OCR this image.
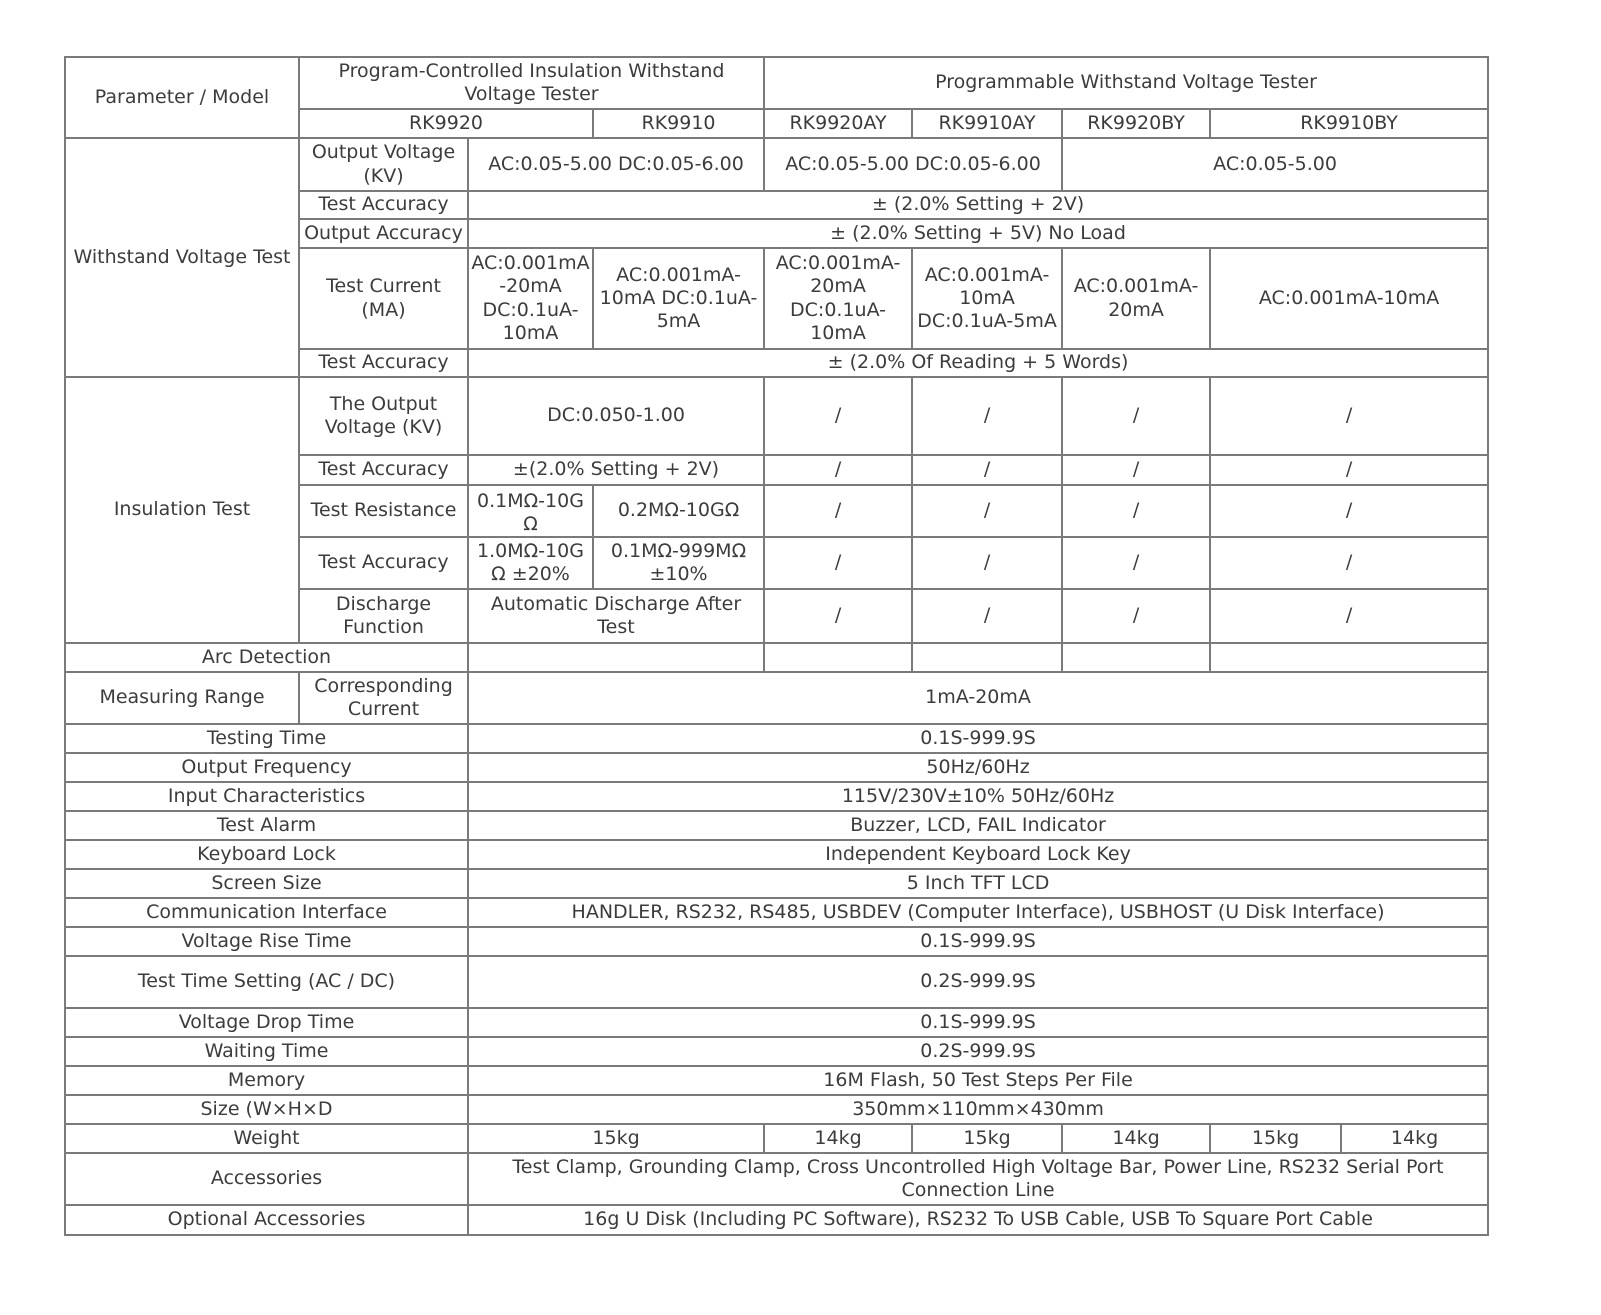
Parameter / Model	Program-Controlled Insulation Withstand Voltage Tester			Programmable Withstand Voltage Tester				
	RK9920		RK9910	RK9920AY	RK9910AY	RK9920BY	RK9910BY	
Withstand Voltage Test	Output Voltage (KV)	AC:0.05-5.00 DC:0.05-6.00		AC:0.05-5.00 DC:0.05-6.00		AC:0.05-5.00		
	Test Accuracy	± (2.0% Setting + 2V)						
	Output Accuracy	± (2.0% Setting + 5V) No Load						
	Test Current (MA)	AC:0.001mA-20mA DC:0.1uA-10mA	AC:0.001mA-10mA DC:0.1uA-5mA	AC:0.001mA-20mA DC:0.1uA-10mA	AC:0.001mA-10mA DC:0.1uA-5mA	AC:0.001mA-20mA	AC:0.001mA-10mA	
	Test Accuracy	± (2.0% Of Reading + 5 Words)						
Insulation Test	The Output Voltage (KV)	DC:0.050-1.00		/	/	/	/	
	Test Accuracy	±(2.0% Setting + 2V)		/	/	/	/	
	Test Resistance	0.1MΩ-10GΩ	0.2MΩ-10GΩ	/	/	/	/	
	Test Accuracy	1.0MΩ-10GΩ ±20%	0.1MΩ-999MΩ ±10%	/	/	/	/	
	Discharge Function	Automatic Discharge After Test		/	/	/	/	
Arc Detection								
Measuring Range	Corresponding Current	1mA-20mA						
Testing Time		0.1S-999.9S						
Output Frequency		50Hz/60Hz						
Input Characteristics		115V/230V±10% 50Hz/60Hz						
Test Alarm		Buzzer, LCD, FAIL Indicator						
Keyboard Lock		Independent Keyboard Lock Key						
Screen Size		5 Inch TFT LCD						
Communication Interface		HANDLER, RS232, RS485, USBDEV (Computer Interface), USBHOST (U Disk Interface)						
Voltage Rise Time		0.1S-999.9S						
Test Time Setting (AC / DC)		0.2S-999.9S						
Voltage Drop Time		0.1S-999.9S						
Waiting Time		0.2S-999.9S						
Memory		16M Flash, 50 Test Steps Per File						
Size (W×H×D		350mm×110mm×430mm						
Weight		15kg		14kg	15kg	14kg	15kg	14kg
Accessories		Test Clamp, Grounding Clamp, Cross Uncontrolled High Voltage Bar, Power Line, RS232 Serial Port Connection Line						
Optional Accessories		16g U Disk (Including PC Software), RS232 To USB Cable, USB To Square Port Cable						
